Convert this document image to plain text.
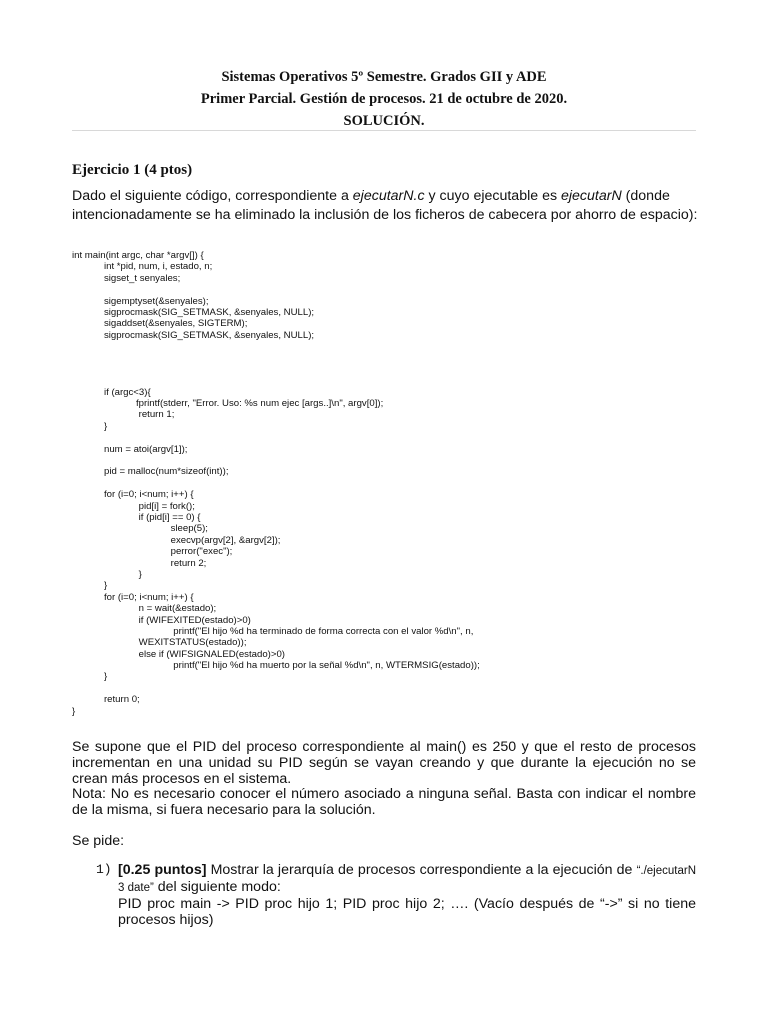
Sistemas Operativos 5º Semestre. Grados GII y ADE
Primer Parcial. Gestión de procesos. 21 de octubre de 2020.
SOLUCIÓN.
Ejercicio 1 (4 ptos)
Dado el siguiente código, correspondiente a ejecutarN.c y cuyo ejecutable es ejecutarN (donde intencionadamente se ha eliminado la inclusión de los ficheros de cabecera por ahorro de espacio):
int main(int argc, char *argv[]) {
int *pid, num, i, estado, n;
sigset_t senyales;
sigemptyset(&senyales);
sigprocmask(SIG_SETMASK, &senyales, NULL);
sigaddset(&senyales, SIGTERM);
sigprocmask(SIG_SETMASK, &senyales, NULL);
if (argc<3){
fprintf(stderr, "Error. Uso: %s num ejec [args..]\n", argv[0]);
return 1;
}
num = atoi(argv[1]);
pid = malloc(num*sizeof(int));
for (i=0; i<num; i++) {
pid[i] = fork();
if (pid[i] == 0) {
sleep(5);
execvp(argv[2], &argv[2]);
perror("exec");
return 2;
}
}
for (i=0; i<num; i++) {
n = wait(&estado);
if (WIFEXITED(estado)>0)
printf("El hijo %d ha terminado de forma correcta con el valor %d\n", n,
WEXITSTATUS(estado));
else if (WIFSIGNALED(estado)>0)
printf("El hijo %d ha muerto por la señal %d\n", n, WTERMSIG(estado));
}
return 0;
}
Se supone que el PID del proceso correspondiente al main() es 250 y que el resto de procesos incrementan en una unidad su PID según se vayan creando y que durante la ejecución no se crean más procesos en el sistema.
Nota: No es necesario conocer el número asociado a ninguna señal. Basta con indicar el nombre de la misma, si fuera necesario para la solución.
Se pide:
1) [0.25 puntos] Mostrar la jerarquía de procesos correspondiente a la ejecución de “./ejecutarN 3 date” del siguiente modo:
PID proc main -> PID proc hijo 1; PID proc hijo 2; …. (Vacío después de “->” si no tiene procesos hijos)
